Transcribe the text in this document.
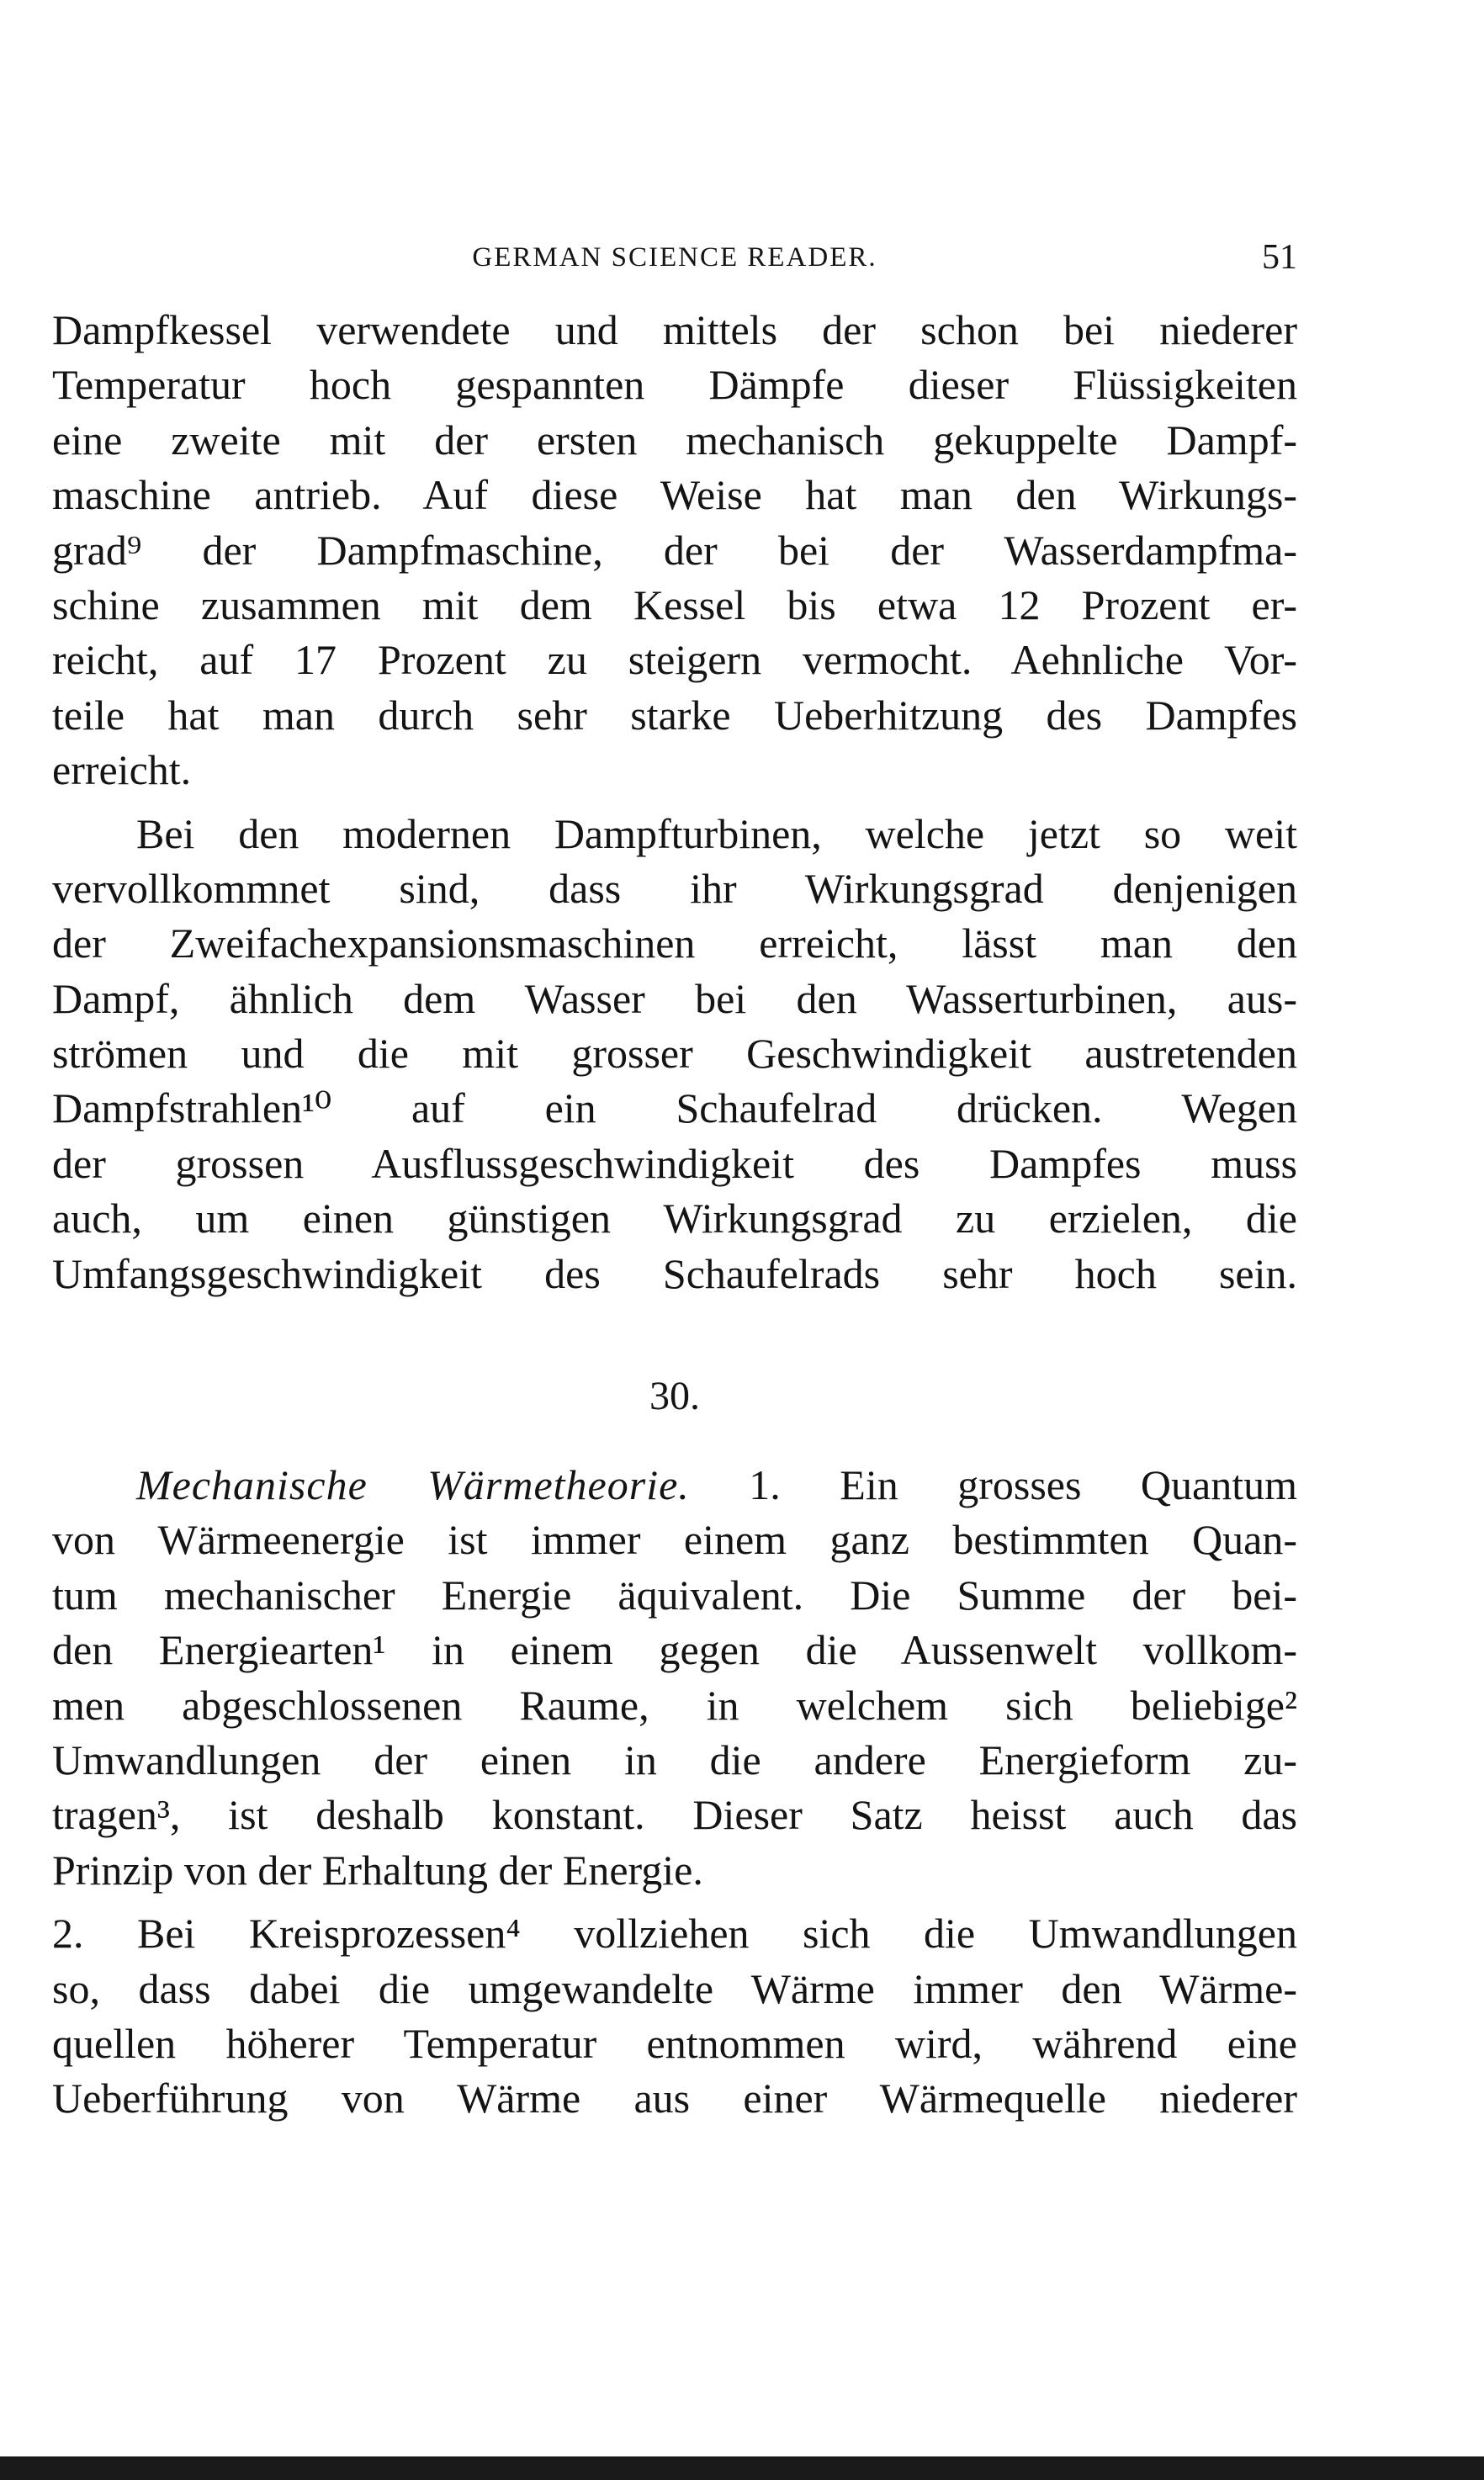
GERMAN SCIENCE READER.	51
Dampfkessel verwendete und mittels der schon bei niederer
Temperatur hoch gespannten Dämpfe dieser Flüssigkeiten
eine zweite mit der ersten mechanisch gekuppelte Dampf-
maschine antrieb. Auf diese Weise hat man den Wirkungs-
grad⁹ der Dampfmaschine, der bei der Wasserdampfma-
schine zusammen mit dem Kessel bis etwa 12 Prozent er-
reicht, auf 17 Prozent zu steigern vermocht. Aehnliche Vor-
teile hat man durch sehr starke Ueberhitzung des Dampfes
erreicht.
Bei den modernen Dampfturbinen, welche jetzt so weit
vervollkommnet sind, dass ihr Wirkungsgrad denjenigen
der Zweifachexpansionsmaschinen erreicht, lässt man den
Dampf, ähnlich dem Wasser bei den Wasserturbinen, aus-
strömen und die mit grosser Geschwindigkeit austretenden
Dampfstrahlen¹⁰ auf ein Schaufelrad drücken. Wegen
der grossen Ausflussgeschwindigkeit des Dampfes muss
auch, um einen günstigen Wirkungsgrad zu erzielen, die
Umfangsgeschwindigkeit des Schaufelrads sehr hoch sein.
30.
Mechanische Wärmetheorie. 1. Ein grosses Quantum
von Wärmeenergie ist immer einem ganz bestimmten Quan-
tum mechanischer Energie äquivalent. Die Summe der bei-
den Energiearten¹ in einem gegen die Aussenwelt vollkom-
men abgeschlossenen Raume, in welchem sich beliebige²
Umwandlungen der einen in die andere Energieform zu-
tragen³, ist deshalb konstant. Dieser Satz heisst auch das
Prinzip von der Erhaltung der Energie.
2. Bei Kreisprozessen⁴ vollziehen sich die Umwandlungen
so, dass dabei die umgewandelte Wärme immer den Wärme-
quellen höherer Temperatur entnommen wird, während eine
Ueberführung von Wärme aus einer Wärmequelle niederer
